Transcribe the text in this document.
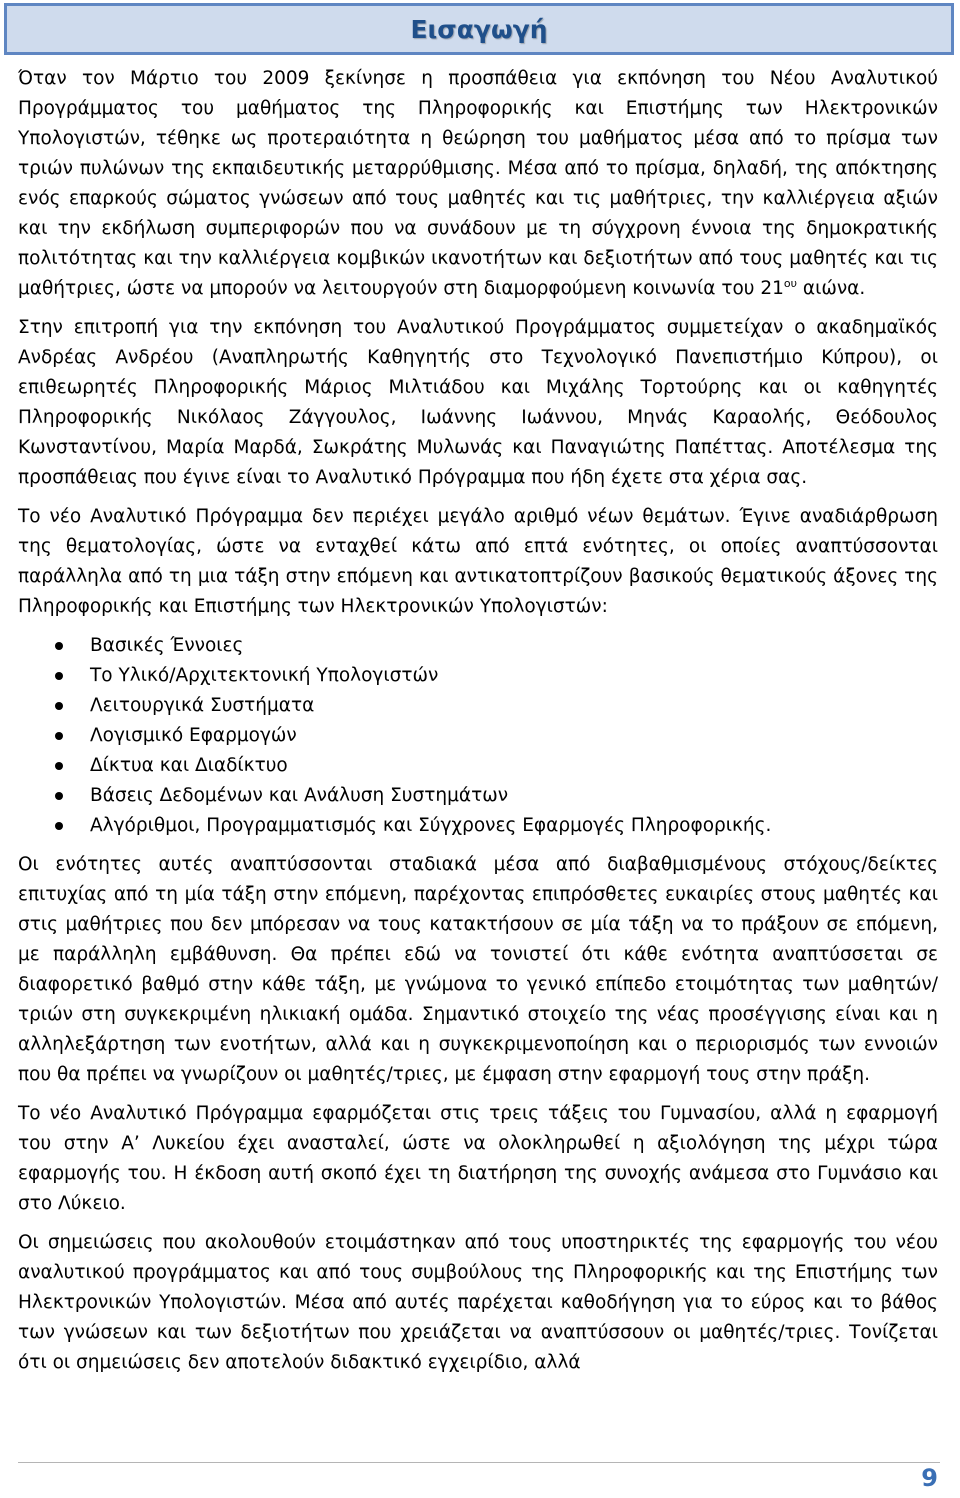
Εισαγωγή

Όταν τον Μάρτιο του 2009 ξεκίνησε η προσπάθεια για εκπόνηση του Νέου Αναλυτικού Προγράμματος του μαθήματος της Πληροφορικής και Επιστήμης των Ηλεκτρονικών Υπολογιστών, τέθηκε ως προτεραιότητα η θεώρηση του μαθήματος μέσα από το πρίσμα των τριών πυλώνων της εκπαιδευτικής μεταρρύθμισης. Μέσα από το πρίσμα, δηλαδή, της απόκτησης ενός επαρκούς σώματος γνώσεων από τους μαθητές και τις μαθήτριες, την καλλιέργεια αξιών και την εκδήλωση συμπεριφορών που να συνάδουν με τη σύγχρονη έννοια της δημοκρατικής πολιτότητας και την καλλιέργεια κομβικών ικανοτήτων και δεξιοτήτων από τους μαθητές και τις μαθήτριες, ώστε να μπορούν να λειτουργούν στη διαμορφούμενη κοινωνία του $21^{o\upsilon}$ αιώνα.

Στην επιτροπή για την εκπόνηση του Αναλυτικού Προγράμματος συμμετείχαν ο ακαδημαϊκός Ανδρέας Ανδρέου (Αναπληρωτής Καθηγητής στο Τεχνολογικό Πανεπιστήμιο Κύπρου), οι επιθεωρητές Πληροφορικής Μάριος Μιλτιάδου και Μιχάλης Τορτούρης και οι καθηγητές Πληροφορικής Νικόλαος Ζάγγουλος, Ιωάννης Ιωάννου, Μηνάς Καραολής, Θεόδουλος Κωνσταντίνου, Μαρία Μαρδά, Σωκράτης Μυλωνάς και Παναγιώτης Παπέττας. Αποτέλεσμα της προσπάθειας που έγινε είναι το Αναλυτικό Πρόγραμμα που ήδη έχετε στα χέρια σας.

Το νέο Αναλυτικό Πρόγραμμα δεν περιέχει μεγάλο αριθμό νέων θεμάτων. Έγινε αναδιάρθρωση της θεματολογίας, ώστε να ενταχθεί κάτω από επτά ενότητες, οι οποίες αναπτύσσονται παράλληλα από τη μια τάξη στην επόμενη και αντικατοπτρίζουν βασικούς θεματικούς άξονες της Πληροφορικής και Επιστήμης των Ηλεκτρονικών Υπολογιστών:

Βασικές Έννοιες
Το Υλικό/Αρχιτεκτονική Υπολογιστών
Λειτουργικά Συστήματα
Λογισμικό Εφαρμογών
Δίκτυα και Διαδίκτυο
Βάσεις Δεδομένων και Ανάλυση Συστημάτων
Αλγόριθμοι, Προγραμματισμός και Σύγχρονες Εφαρμογές Πληροφορικής.

Οι ενότητες αυτές αναπτύσσονται σταδιακά μέσα από διαβαθμισμένους στόχους/δείκτες επιτυχίας από τη μία τάξη στην επόμενη, παρέχοντας επιπρόσθετες ευκαιρίες στους μαθητές και στις μαθήτριες που δεν μπόρεσαν να τους κατακτήσουν σε μία τάξη να το πράξουν σε επόμενη, με παράλληλη εμβάθυνση. Θα πρέπει εδώ να τονιστεί ότι κάθε ενότητα αναπτύσσεται σε διαφορετικό βαθμό στην κάθε τάξη, με γνώμονα το γενικό επίπεδο ετοιμότητας των μαθητών/τριών στη συγκεκριμένη ηλικιακή ομάδα. Σημαντικό στοιχείο της νέας προσέγγισης είναι και η αλληλεξάρτηση των ενοτήτων, αλλά και η συγκεκριμενοποίηση και ο περιορισμός των εννοιών που θα πρέπει να γνωρίζουν οι μαθητές/τριες, με έμφαση στην εφαρμογή τους στην πράξη.

Το νέο Αναλυτικό Πρόγραμμα εφαρμόζεται στις τρεις τάξεις του Γυμνασίου, αλλά η εφαρμογή του στην Α’ Λυκείου έχει ανασταλεί, ώστε να ολοκληρωθεί η αξιολόγηση της μέχρι τώρα εφαρμογής του. Η έκδοση αυτή σκοπό έχει τη διατήρηση της συνοχής ανάμεσα στο Γυμνάσιο και στο Λύκειο.

Οι σημειώσεις που ακολουθούν ετοιμάστηκαν από τους υποστηρικτές της εφαρμογής του νέου αναλυτικού προγράμματος και από τους συμβούλους της Πληροφορικής και της Επιστήμης των Ηλεκτρονικών Υπολογιστών. Μέσα από αυτές παρέχεται καθοδήγηση για το εύρος και το βάθος των γνώσεων και των δεξιοτήτων που χρειάζεται να αναπτύσσουν οι μαθητές/τριες. Τονίζεται ότι οι σημειώσεις δεν αποτελούν διδακτικό εγχειρίδιο, αλλά

9
